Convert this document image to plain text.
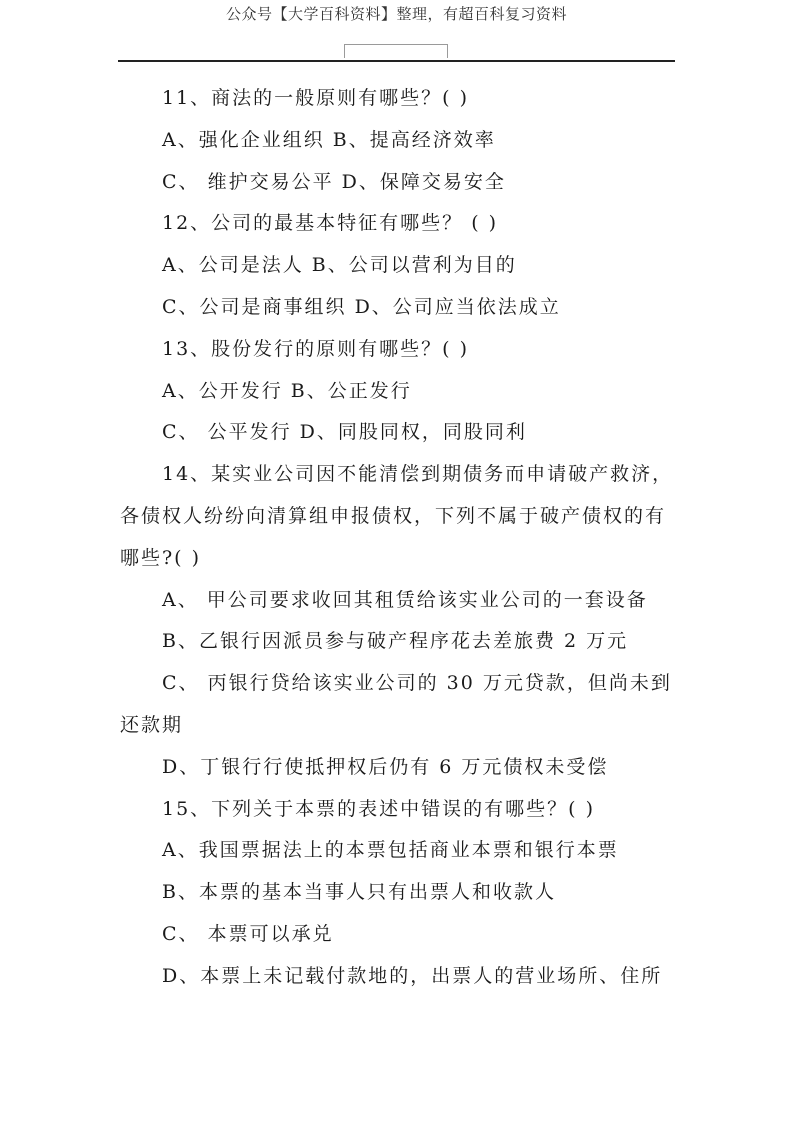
公众号【大学百科资料】整理，有超百科复习资料
11、商法的一般原则有哪些？( )
A、强化企业组织 B、提高经济效率
C、 维护交易公平 D、保障交易安全
12、公司的最基本特征有哪些？ ( )
A、公司是法人 B、公司以营利为目的
C、公司是商事组织 D、公司应当依法成立
13、股份发行的原则有哪些？( )
A、公开发行 B、公正发行
C、 公平发行 D、同股同权，同股同利
14、某实业公司因不能清偿到期债务而申请破产救济，
各债权人纷纷向清算组申报债权，下列不属于破产债权的有
哪些?( )
A、 甲公司要求收回其租赁给该实业公司的一套设备
B、乙银行因派员参与破产程序花去差旅费 2 万元
C、 丙银行贷给该实业公司的 30 万元贷款，但尚未到
还款期
D、丁银行行使抵押权后仍有 6 万元债权未受偿
15、下列关于本票的表述中错误的有哪些？( )
A、我国票据法上的本票包括商业本票和银行本票
B、本票的基本当事人只有出票人和收款人
C、 本票可以承兑
D、本票上未记载付款地的，出票人的营业场所、住所
